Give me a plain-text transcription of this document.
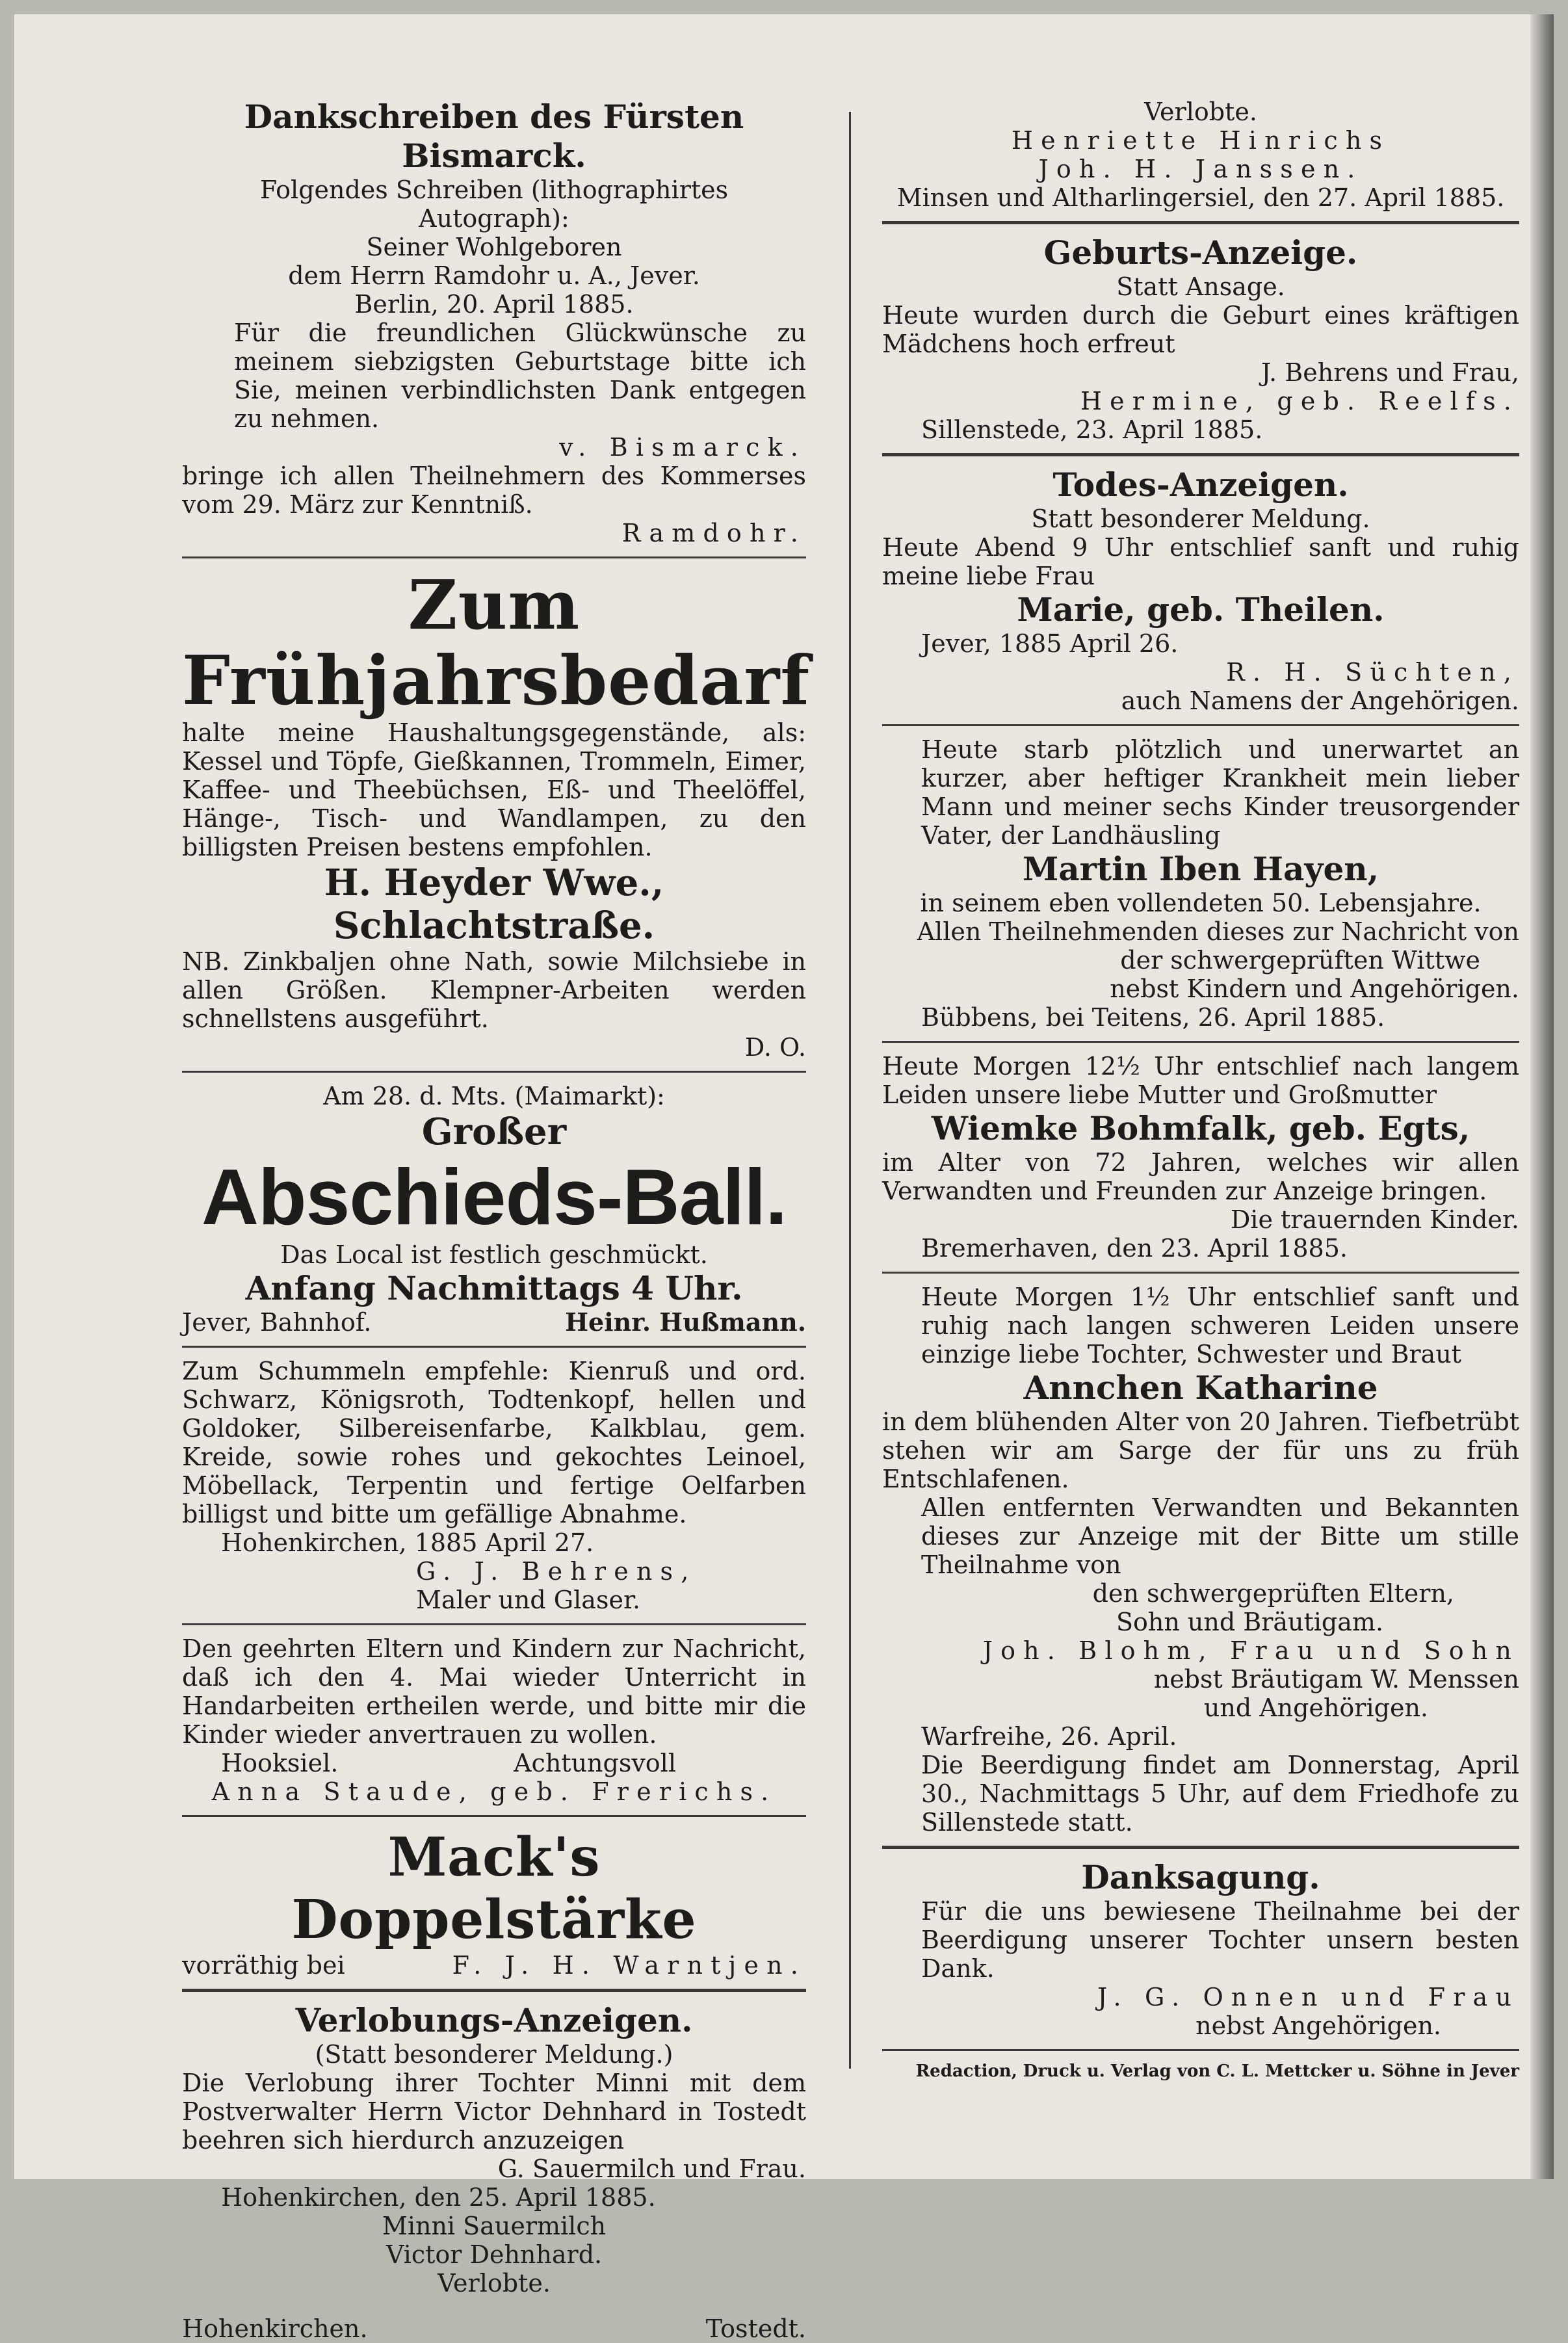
Dankschreiben des Fürsten Bismarck.

Folgendes Schreiben (lithographirtes Autograph):

Seiner Wohlgeboren

dem Herrn Ramdohr u. A., Jever.

Berlin, 20. April 1885.

Für die freundlichen Glückwünsche zu meinem siebzigsten Geburtstage bitte ich Sie, meinen verbindlichsten Dank entgegen zu nehmen.

v. Bismarck.

bringe ich allen Theilnehmern des Kommerses vom 29. März zur Kenntniß.

Ramdohr.

Zum Frühjahrsbedarf

halte meine Haushaltungsgegenstände, als: Kessel und Töpfe, Gießkannen, Trommeln, Eimer, Kaffee- und Theebüchsen, Eß- und Theelöffel, Hänge-, Tisch- und Wandlampen, zu den billigsten Preisen bestens empfohlen.

H. Heyder Wwe., Schlachtstraße.

NB. Zinkbaljen ohne Nath, sowie Milchsiebe in allen Größen. Klempner-Arbeiten werden schnellstens ausgeführt.

D. O.

Am 28. d. Mts. (Maimarkt):

Großer

Abschieds-Ball.

Das Local ist festlich geschmückt.

Anfang Nachmittags 4 Uhr.

Jever, Bahnhof.	Heinr. Hußmann.

Zum Schummeln empfehle: Kienruß und ord. Schwarz, Königsroth, Todtenkopf, hellen und Goldoker, Silbereisenfarbe, Kalkblau, gem. Kreide, sowie rohes und gekochtes Leinoel, Möbellack, Terpentin und fertige Oelfarben billigst und bitte um gefällige Abnahme.

Hohenkirchen, 1885 April 27.

G. J. Behrens,

Maler und Glaser.

Den geehrten Eltern und Kindern zur Nachricht, daß ich den 4. Mai wieder Unterricht in Handarbeiten ertheilen werde, und bitte mir die Kinder wieder anvertrauen zu wollen.

Hooksiel.	Achtungsvoll

Anna Staude, geb. Frerichs.

Mack's Doppelstärke

vorräthig bei	F. J. H. Warntjen.

Verlobungs-Anzeigen.

(Statt besonderer Meldung.)

Die Verlobung ihrer Tochter Minni mit dem Postverwalter Herrn Victor Dehnhard in Tostedt beehren sich hierdurch anzuzeigen

G. Sauermilch und Frau.

Hohenkirchen, den 25. April 1885.

Minni Sauermilch

Victor Dehnhard.

Verlobte.

Hohenkirchen.	Tostedt.

Verlobte.

Henriette Hinrichs

Joh. H. Janssen.

Minsen und Altharlingersiel, den 27. April 1885.

Geburts-Anzeige.

Statt Ansage.

Heute wurden durch die Geburt eines kräftigen Mädchens hoch erfreut

J. Behrens und Frau,

Hermine, geb. Reelfs.

Sillenstede, 23. April 1885.

Todes-Anzeigen.

Statt besonderer Meldung.

Heute Abend 9 Uhr entschlief sanft und ruhig meine liebe Frau

Marie, geb. Theilen.

Jever, 1885 April 26.

R. H. Süchten,

auch Namens der Angehörigen.

Heute starb plötzlich und unerwartet an kurzer, aber heftiger Krankheit mein lieber Mann und meiner sechs Kinder treusorgender Vater, der Landhäusling

Martin Iben Hayen,

in seinem eben vollendeten 50. Lebensjahre.

Allen Theilnehmenden dieses zur Nachricht von

der schwergeprüften Wittwe

nebst Kindern und Angehörigen.

Bübbens, bei Teitens, 26. April 1885.

Heute Morgen 12½ Uhr entschlief nach langem Leiden unsere liebe Mutter und Großmutter

Wiemke Bohmfalk, geb. Egts,

im Alter von 72 Jahren, welches wir allen Verwandten und Freunden zur Anzeige bringen.

Die trauernden Kinder.

Bremerhaven, den 23. April 1885.

Heute Morgen 1½ Uhr entschlief sanft und ruhig nach langen schweren Leiden unsere einzige liebe Tochter, Schwester und Braut

Annchen Katharine

in dem blühenden Alter von 20 Jahren. Tiefbetrübt stehen wir am Sarge der für uns zu früh Entschlafenen.

Allen entfernten Verwandten und Bekannten dieses zur Anzeige mit der Bitte um stille Theilnahme von

den schwergeprüften Eltern,

Sohn und Bräutigam.

Joh. Blohm, Frau und Sohn

nebst Bräutigam W. Menssen

und Angehörigen.

Warfreihe, 26. April.

Die Beerdigung findet am Donnerstag, April 30., Nachmittags 5 Uhr, auf dem Friedhofe zu Sillenstede statt.

Danksagung.

Für die uns bewiesene Theilnahme bei der Beerdigung unserer Tochter unsern besten Dank.

J. G. Onnen und Frau

nebst Angehörigen.

Redaction, Druck u. Verlag von C. L. Mettcker u. Söhne in Jever
